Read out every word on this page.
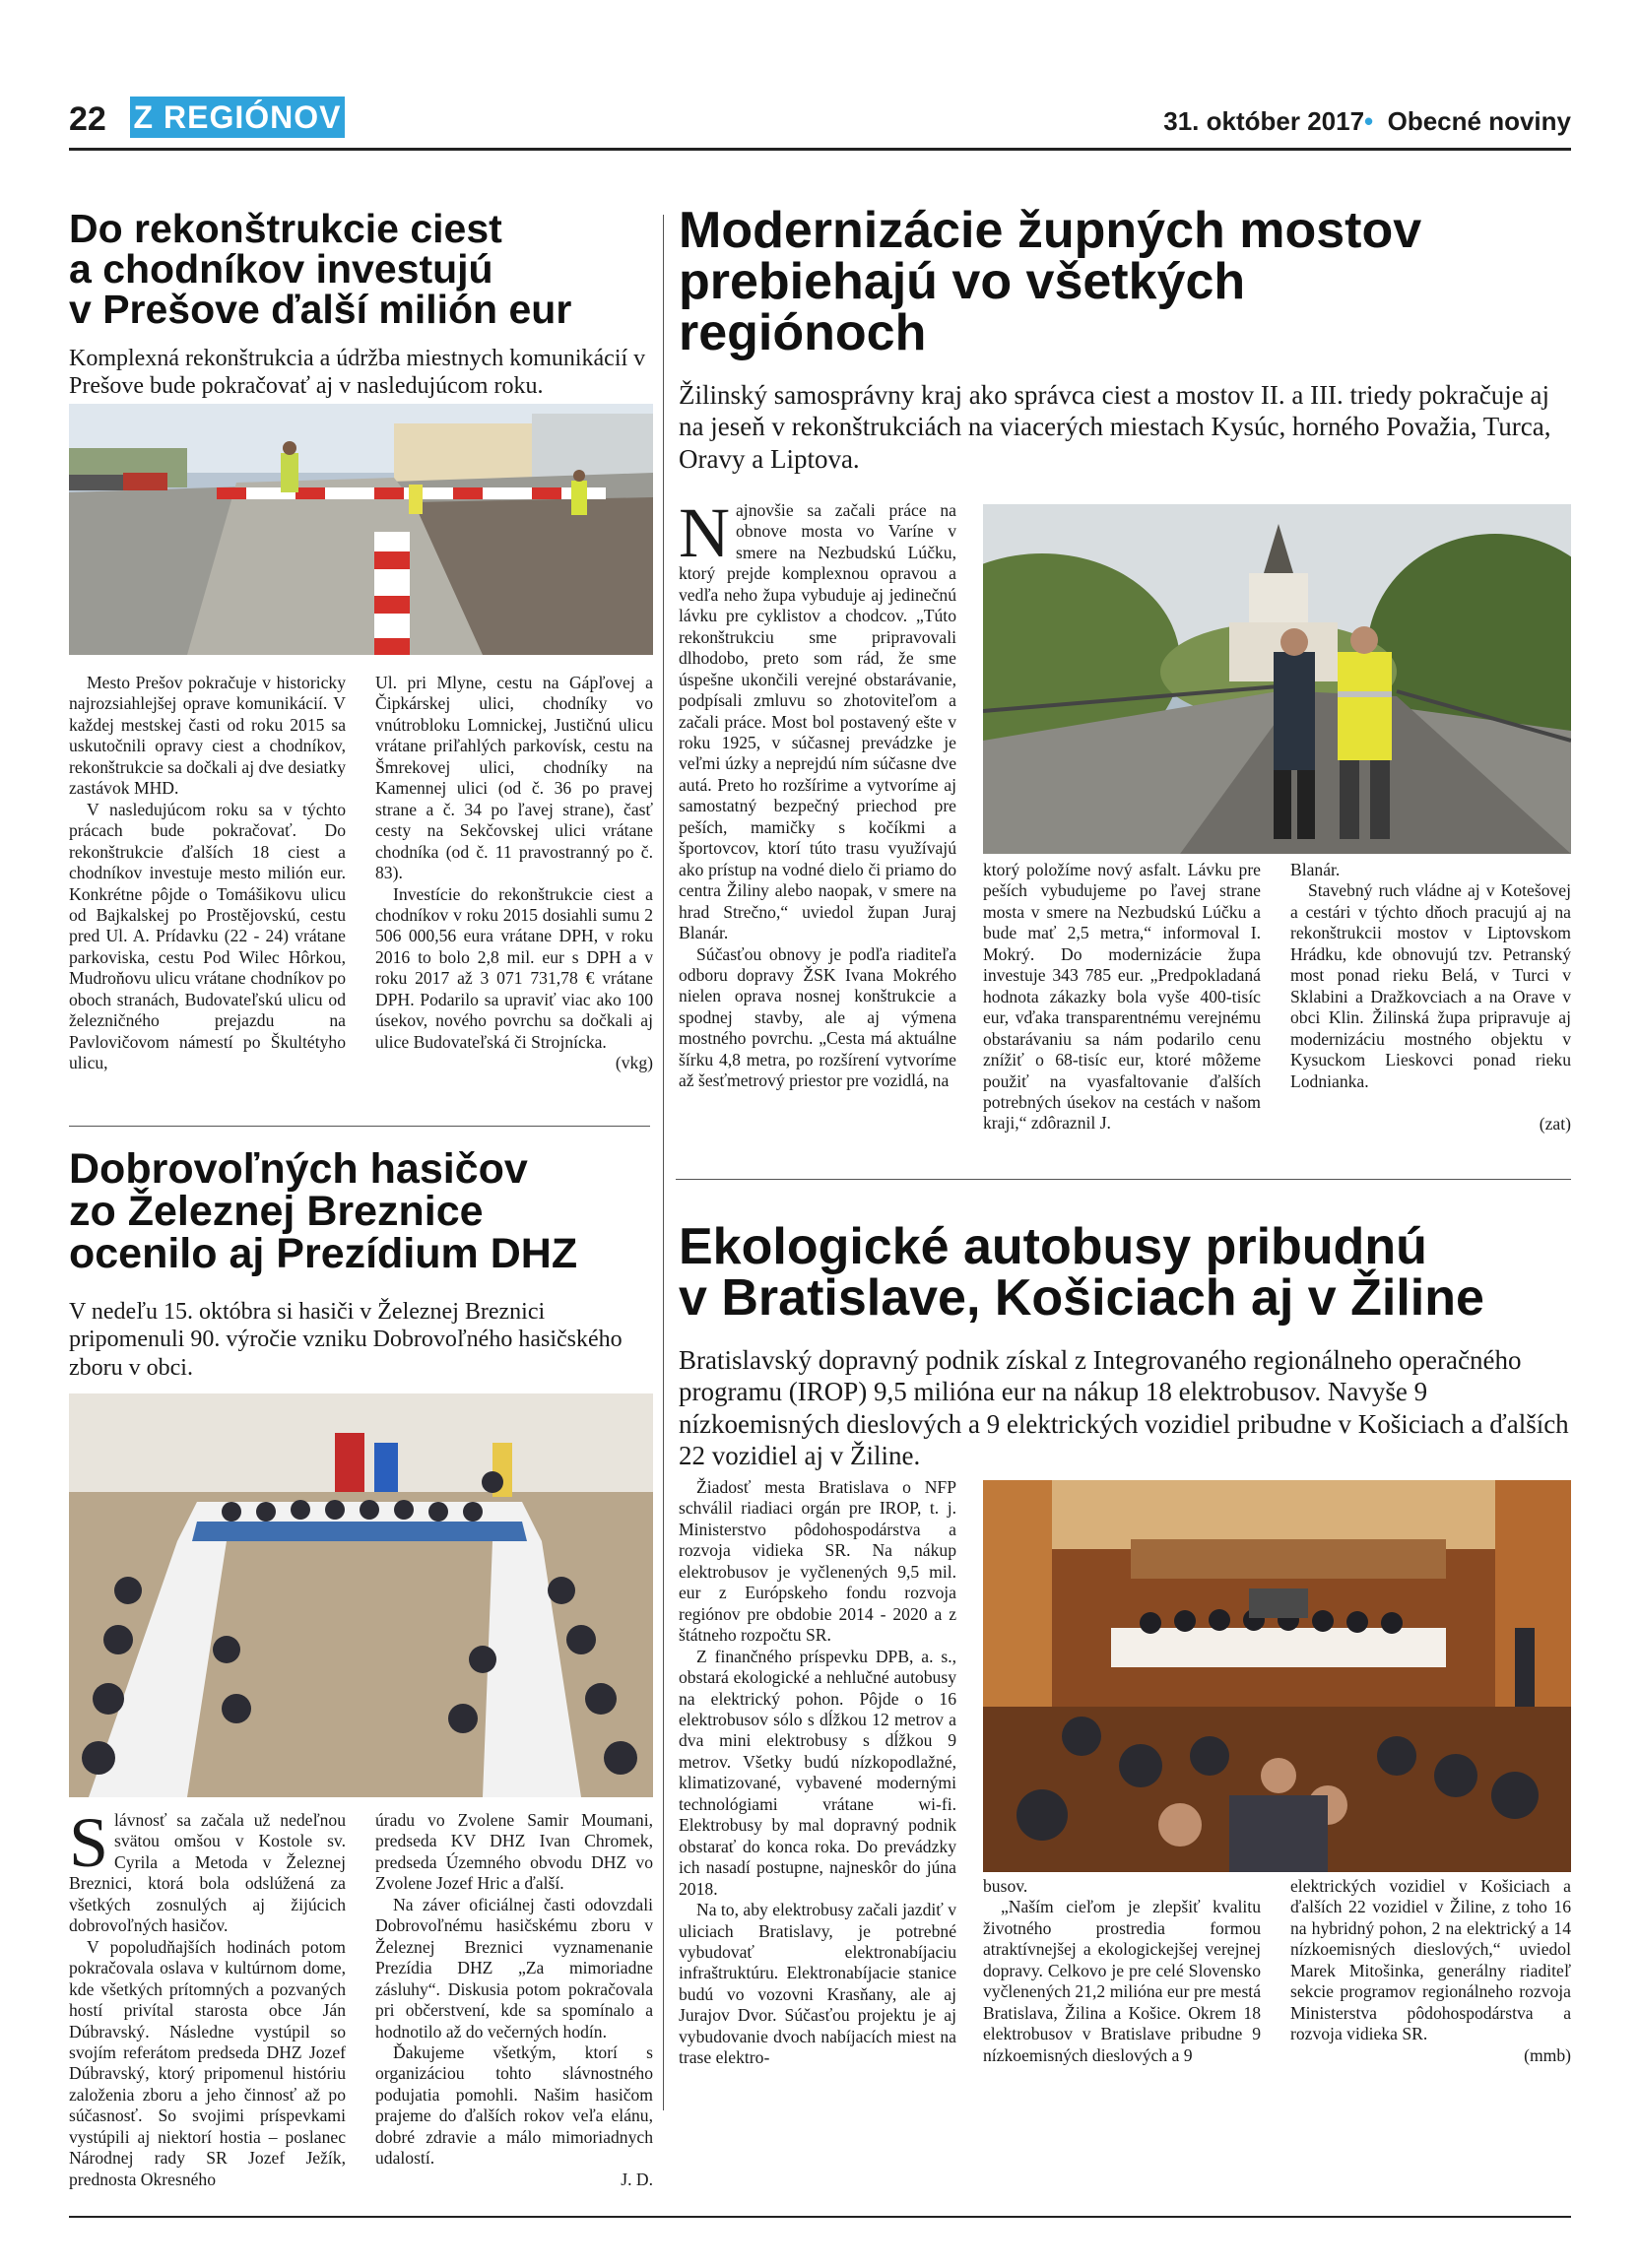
22 Z REGIÓNOV	31. október 2017• Obecné noviny
Do rekonštrukcie ciest
a chodníkov investujú
v Prešove ďalší milión eur

Komplexná rekonštrukcia a údržba miestnych komunikácií v Prešove bude pokračovať aj v nasledujúcom roku.

Mesto Prešov pokračuje v historicky najrozsiahlejšej oprave komunikácií. V každej mestskej časti od roku 2015 sa uskutočnili opravy ciest a chodníkov, rekonštrukcie sa dočkali aj dve desiatky zastávok MHD.

V nasledujúcom roku sa v týchto prácach bude pokračovať. Do rekonštrukcie ďalších 18 ciest a chodníkov investuje mesto milión eur. Konkrétne pôjde o Tomášikovu ulicu od Bajkalskej po Prostějovskú, cestu pred Ul. A. Prídavku (22 - 24) vrátane parkoviska, cestu Pod Wilec Hôrkou, Mudroňovu ulicu vrátane chodníkov po oboch stranách, Budovateľskú ulicu od železničného prejazdu na Pavlovičovom námestí po Škultétyho ulicu,

Ul. pri Mlyne, cestu na Gápľovej a Čipkárskej ulici, chodníky vo vnútrobloku Lomnickej, Justičnú ulicu vrátane priľahlých parkovísk, cestu na Šmrekovej ulici, chodníky na Kamennej ulici (od č. 36 po pravej strane a č. 34 po ľavej strane), časť cesty na Sekčovskej ulici vrátane chodníka (od č. 11 pravostranný po č. 83).

Investície do rekonštrukcie ciest a chodníkov v roku 2015 dosiahli sumu 2 506 000,56 eura vrátane DPH, v roku 2016 to bolo 2,8 mil. eur s DPH a v roku 2017 až 3 071 731,78 € vrátane DPH. Podarilo sa upraviť viac ako 100 úsekov, nového povrchu sa dočkali aj ulice Budovateľská či Strojnícka.

(vkg)

Modernizácie župných mostov
prebiehajú vo všetkých
regiónoch

Žilinský samosprávny kraj ako správca ciest a mostov II. a III. triedy pokračuje aj na jeseň v rekonštrukciách na viacerých miestach Kysúc, horného Považia, Turca, Oravy a Liptova.

Najnovšie sa začali práce na obnove mosta vo Varíne v smere na Nezbudskú Lúčku, ktorý prejde komplexnou opravou a vedľa neho župa vybuduje aj jedinečnú lávku pre cyklistov a chodcov. „Túto rekonštrukciu sme pripravovali dlhodobo, preto som rád, že sme úspešne ukončili verejné obstarávanie, podpísali zmluvu so zhotoviteľom a začali práce. Most bol postavený ešte v roku 1925, v súčasnej prevádzke je veľmi úzky a neprejdú ním súčasne dve autá. Preto ho rozšírime a vytvoríme aj samostatný bezpečný priechod pre peších, mamičky s kočíkmi a športovcov, ktorí túto trasu využívajú ako prístup na vodné dielo či priamo do centra Žiliny alebo naopak, v smere na hrad Strečno,“ uviedol župan Juraj Blanár.

Súčasťou obnovy je podľa riaditeľa odboru dopravy ŽSK Ivana Mokrého nielen oprava nosnej konštrukcie a spodnej stavby, ale aj výmena mostného povrchu. „Cesta má aktuálne šírku 4,8 metra, po rozšírení vytvoríme až šesťmetrový priestor pre vozidlá, na

ktorý položíme nový asfalt. Lávku pre peších vybudujeme po ľavej strane mosta v smere na Nezbudskú Lúčku a bude mať 2,5 metra,“ informoval I. Mokrý. Do modernizácie župa investuje 343 785 eur. „Predpokladaná hodnota zákazky bola vyše 400-tisíc eur, vďaka transparentnému verejnému obstarávaniu sa nám podarilo cenu znížiť o 68-tisíc eur, ktoré môžeme použiť na vyasfaltovanie ďalších potrebných úsekov na cestách v našom kraji,“ zdôraznil J.

Blanár.

Stavebný ruch vládne aj v Kotešovej a cestári v týchto dňoch pracujú aj na rekonštrukcii mostov v Liptovskom Hrádku, kde obnovujú tzv. Petranský most ponad rieku Belá, v Turci v Sklabini a Dražkovciach a na Orave v obci Klin. Žilinská župa pripravuje aj modernizáciu mostného objektu v Kysuckom Lieskovci ponad rieku Lodnianka.

(zat)

Dobrovoľných hasičov
zo Železnej Breznice
ocenilo aj Prezídium DHZ

V nedeľu 15. októbra si hasiči v Železnej Breznici pripomenuli 90. výročie vzniku Dobrovoľného hasičského zboru v obci.

Slávnosť sa začala už nedeľnou svätou omšou v Kostole sv. Cyrila a Metoda v Železnej Breznici, ktorá bola odslúžená za všetkých zosnulých aj žijúcich dobrovoľných hasičov.

V popoludňajších hodinách potom pokračovala oslava v kultúrnom dome, kde všetkých prítomných a pozvaných hostí privítal starosta obce Ján Dúbravský. Následne vystúpil so svojím referátom predseda DHZ Jozef Dúbravský, ktorý pripomenul históriu založenia zboru a jeho činnosť až po súčasnosť. So svojimi príspevkami vystúpili aj niektorí hostia – poslanec Národnej rady SR Jozef Ježík, prednosta Okresného

úradu vo Zvolene Samir Moumani, predseda KV DHZ Ivan Chromek, predseda Územného obvodu DHZ vo Zvolene Jozef Hric a ďalší.

Na záver oficiálnej časti odovzdali Dobrovoľnému hasičskému zboru v Železnej Breznici vyznamenanie Prezídia DHZ „Za mimoriadne zásluhy“. Diskusia potom pokračovala pri občerstvení, kde sa spomínalo a hodnotilo až do večerných hodín.

Ďakujeme všetkým, ktorí s organizáciou tohto slávnostného podujatia pomohli. Našim hasičom prajeme do ďalších rokov veľa elánu, dobré zdravie a málo mimoriadnych udalostí.

J. D.

Ekologické autobusy pribudnú
v Bratislave, Košiciach aj v Žiline

Bratislavský dopravný podnik získal z Integrovaného regionálneho operačného programu (IROP) 9,5 milióna eur na nákup 18 elektrobusov. Navyše 9 nízkoemisných dieslových a 9 elektrických vozidiel pribudne v Košiciach a ďalších 22 vozidiel aj v Žiline.

Žiadosť mesta Bratislava o NFP schválil riadiaci orgán pre IROP, t. j. Ministerstvo pôdohospodárstva a rozvoja vidieka SR. Na nákup elektrobusov je vyčlenených 9,5 mil. eur z Európskeho fondu rozvoja regiónov pre obdobie 2014 - 2020 a z štátneho rozpočtu SR.

Z finančného príspevku DPB, a. s., obstará ekologické a nehlučné autobusy na elektrický pohon. Pôjde o 16 elektrobusov sólo s dĺžkou 12 metrov a dva mini elektrobusy s dĺžkou 9 metrov. Všetky budú nízkopodlažné, klimatizované, vybavené modernými technológiami vrátane wi-fi. Elektrobusy by mal dopravný podnik obstarať do konca roka. Do prevádzky ich nasadí postupne, najneskôr do júna 2018.

Na to, aby elektrobusy začali jazdiť v uliciach Bratislavy, je potrebné vybudovať elektronabíjaciu infraštruktúru. Elektronabíjacie stanice budú vo vozovni Krasňany, ale aj Jurajov Dvor. Súčasťou projektu je aj vybudovanie dvoch nabíjacích miest na trase elektro-

busov.

„Naším cieľom je zlepšiť kvalitu životného prostredia formou atraktívnejšej a ekologickejšej verejnej dopravy. Celkovo je pre celé Slovensko vyčlenených 21,2 milióna eur pre mestá Bratislava, Žilina a Košice. Okrem 18 elektrobusov v Bratislave pribudne 9 nízkoemisných dieslových a 9

elektrických vozidiel v Košiciach a ďalších 22 vozidiel v Žiline, z toho 16 na hybridný pohon, 2 na elektrický a 14 nízkoemisných dieslových,“ uviedol Marek Mitošinka, generálny riaditeľ sekcie programov regionálneho rozvoja Ministerstva pôdohospodárstva a rozvoja vidieka SR.

(mmb)
